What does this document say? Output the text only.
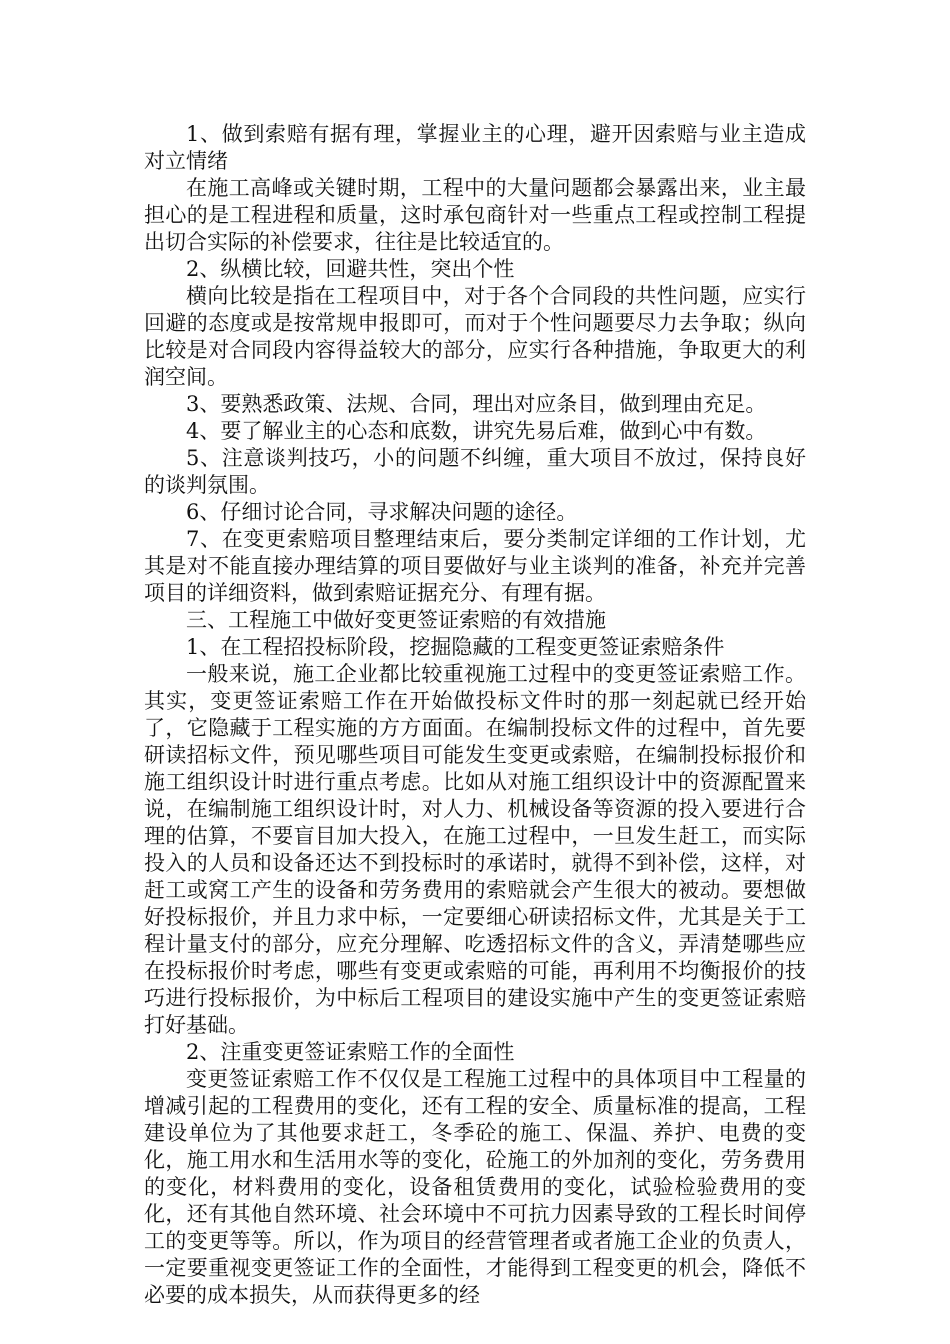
1、做到索赔有据有理，掌握业主的心理，避开因索赔与业主造成对立情绪

在施工高峰或关键时期，工程中的大量问题都会暴露出来，业主最担心的是工程进程和质量，这时承包商针对一些重点工程或控制工程提出切合实际的补偿要求，往往是比较适宜的。

2、纵横比较，回避共性，突出个性

横向比较是指在工程项目中，对于各个合同段的共性问题，应实行回避的态度或是按常规申报即可，而对于个性问题要尽力去争取；纵向比较是对合同段内容得益较大的部分，应实行各种措施，争取更大的利润空间。

3、要熟悉政策、法规、合同，理出对应条目，做到理由充足。

4、要了解业主的心态和底数，讲究先易后难，做到心中有数。

5、注意谈判技巧，小的问题不纠缠，重大项目不放过，保持良好的谈判氛围。

6、仔细讨论合同，寻求解决问题的途径。

7、在变更索赔项目整理结束后，要分类制定详细的工作计划，尤其是对不能直接办理结算的项目要做好与业主谈判的准备，补充并完善项目的详细资料，做到索赔证据充分、有理有据。

三、工程施工中做好变更签证索赔的有效措施

1、在工程招投标阶段，挖掘隐藏的工程变更签证索赔条件

一般来说，施工企业都比较重视施工过程中的变更签证索赔工作。其实，变更签证索赔工作在开始做投标文件时的那一刻起就已经开始了，它隐藏于工程实施的方方面面。在编制投标文件的过程中，首先要研读招标文件，预见哪些项目可能发生变更或索赔，在编制投标报价和施工组织设计时进行重点考虑。比如从对施工组织设计中的资源配置来说，在编制施工组织设计时，对人力、机械设备等资源的投入要进行合理的估算，不要盲目加大投入，在施工过程中，一旦发生赶工，而实际投入的人员和设备还达不到投标时的承诺时，就得不到补偿，这样，对赶工或窝工产生的设备和劳务费用的索赔就会产生很大的被动。要想做好投标报价，并且力求中标，一定要细心研读招标文件，尤其是关于工程计量支付的部分，应充分理解、吃透招标文件的含义，弄清楚哪些应在投标报价时考虑，哪些有变更或索赔的可能，再利用不均衡报价的技巧进行投标报价，为中标后工程项目的建设实施中产生的变更签证索赔打好基础。

2、注重变更签证索赔工作的全面性

变更签证索赔工作不仅仅是工程施工过程中的具体项目中工程量的增减引起的工程费用的变化，还有工程的安全、质量标准的提高，工程建设单位为了其他要求赶工，冬季砼的施工、保温、养护、电费的变化，施工用水和生活用水等的变化，砼施工的外加剂的变化，劳务费用的变化，材料费用的变化，设备租赁费用的变化，试验检验费用的变化，还有其他自然环境、社会环境中不可抗力因素导致的工程长时间停工的变更等等。所以，作为项目的经营管理者或者施工企业的负责人，一定要重视变更签证工作的全面性，才能得到工程变更的机会，降低不必要的成本损失，从而获得更多的经
